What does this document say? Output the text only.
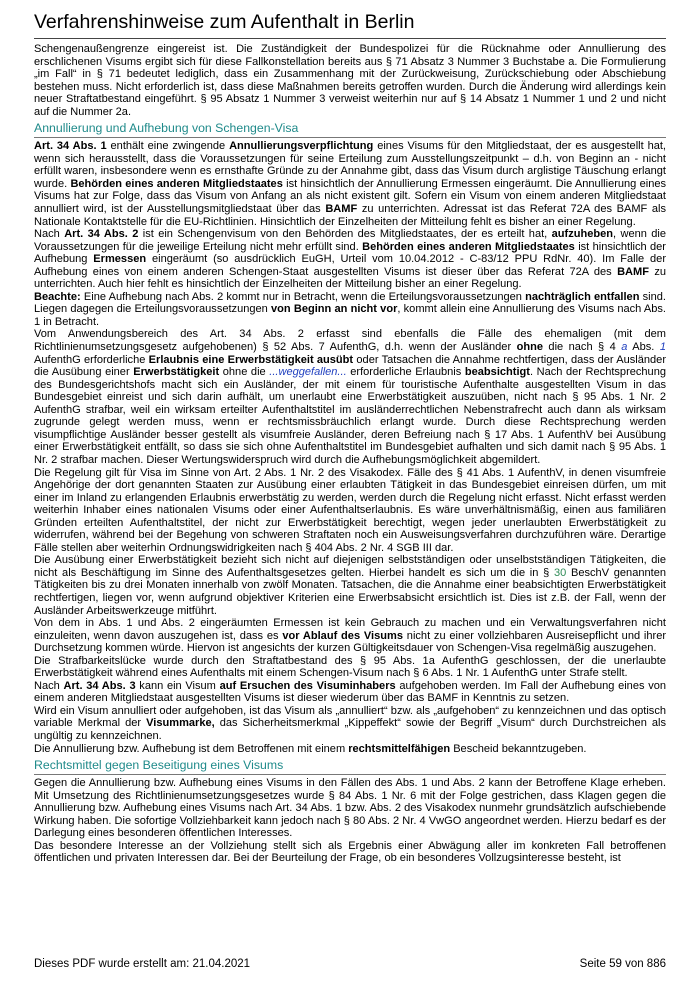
Verfahrenshinweise zum Aufenthalt in Berlin

Schengenaußengrenze eingereist ist. Die Zuständigkeit der Bundespolizei für die Rücknahme oder Annullierung des erschlichenen Visums ergibt sich für diese Fallkonstellation bereits aus § 71 Absatz 3 Nummer 3 Buchstabe a. Die Formulierung „im Fall“ in § 71 bedeutet lediglich, dass ein Zusammenhang mit der Zurückweisung, Zurückschiebung oder Abschiebung bestehen muss. Nicht erforderlich ist, dass diese Maßnahmen bereits getroffen wurden. Durch die Änderung wird allerdings kein neuer Straftatbestand eingeführt. § 95 Absatz 1 Nummer 3 verweist weiterhin nur auf § 14 Absatz 1 Nummer 1 und 2 und nicht auf die Nummer 2a.

Annullierung und Aufhebung von Schengen-Visa

Art. 34 Abs. 1 enthält eine zwingende Annullierungsverpflichtung eines Visums für den Mitgliedstaat, der es ausgestellt hat, wenn sich herausstellt, dass die Voraussetzungen für seine Erteilung zum Ausstellungszeitpunkt – d.h. von Beginn an - nicht erfüllt waren, insbesondere wenn es ernsthafte Gründe zu der Annahme gibt, dass das Visum durch arglistige Täuschung erlangt wurde. Behörden eines anderen Mitgliedstaates ist hinsichtlich der Annullierung Ermessen eingeräumt. Die Annullierung eines Visums hat zur Folge, dass das Visum von Anfang an als nicht existent gilt. Sofern ein Visum von einem anderen Mitgliedstaat annulliert wird, ist der Ausstellungsmitgliedstaat über das BAMF zu unterrichten. Adressat ist das Referat 72A des BAMF als Nationale Kontaktstelle für die EU-Richtlinien. Hinsichtlich der Einzelheiten der Mitteilung fehlt es bisher an einer Regelung.

Nach Art. 34 Abs. 2 ist ein Schengenvisum von den Behörden des Mitgliedstaates, der es erteilt hat, aufzuheben, wenn die Voraussetzungen für die jeweilige Erteilung nicht mehr erfüllt sind. Behörden eines anderen Mitgliedstaates ist hinsichtlich der Aufhebung Ermessen eingeräumt (so ausdrücklich EuGH, Urteil vom 10.04.2012 - C-83/12 PPU RdNr. 40). Im Falle der Aufhebung eines von einem anderen Schengen-Staat ausgestellten Visums ist dieser über das Referat 72A des BAMF zu unterrichten. Auch hier fehlt es hinsichtlich der Einzelheiten der Mitteilung bisher an einer Regelung.

Beachte: Eine Aufhebung nach Abs. 2 kommt nur in Betracht, wenn die Erteilungsvoraussetzungen nachträglich entfallen sind. Liegen dagegen die Erteilungsvoraussetzungen von Beginn an nicht vor, kommt allein eine Annullierung des Visums nach Abs. 1 in Betracht.

Vom Anwendungsbereich des Art. 34 Abs. 2 erfasst sind ebenfalls die Fälle des ehemaligen (mit dem Richtlinienumsetzungsgesetz aufgehobenen) § 52 Abs. 7 AufenthG, d.h. wenn der Ausländer ohne die nach § 4 a Abs. 1 AufenthG erforderliche Erlaubnis eine Erwerbstätigkeit ausübt oder Tatsachen die Annahme rechtfertigen, dass der Ausländer die Ausübung einer Erwerbstätigkeit ohne die ...weggefallen... erforderliche Erlaubnis beabsichtigt. Nach der Rechtsprechung des Bundesgerichtshofs macht sich ein Ausländer, der mit einem für touristische Aufenthalte ausgestellten Visum in das Bundesgebiet einreist und sich darin aufhält, um unerlaubt eine Erwerbstätigkeit auszuüben, nicht nach § 95 Abs. 1 Nr. 2 AufenthG strafbar, weil ein wirksam erteilter Aufenthaltstitel im ausländerrechtlichen Nebenstrafrecht auch dann als wirksam zugrunde gelegt werden muss, wenn er rechtsmissbräuchlich erlangt wurde. Durch diese Rechtsprechung werden visumpflichtige Ausländer besser gestellt als visumfreie Ausländer, deren Befreiung nach § 17 Abs. 1 AufenthV bei Ausübung einer Erwerbstätigkeit entfällt, so dass sie sich ohne Aufenthaltstitel im Bundesgebiet aufhalten und sich damit nach § 95 Abs. 1 Nr. 2 strafbar machen. Dieser Wertungswiderspruch wird durch die Aufhebungsmöglichkeit abgemildert.

Die Regelung gilt für Visa im Sinne von Art. 2 Abs. 1 Nr. 2 des Visakodex. Fälle des § 41 Abs. 1 AufenthV, in denen visumfreie Angehörige der dort genannten Staaten zur Ausübung einer erlaubten Tätigkeit in das Bundesgebiet einreisen dürfen, um mit einer im Inland zu erlangenden Erlaubnis erwerbstätig zu werden, werden durch die Regelung nicht erfasst. Nicht erfasst werden weiterhin Inhaber eines nationalen Visums oder einer Aufenthaltserlaubnis. Es wäre unverhältnismäßig, einen aus familiären Gründen erteilten Aufenthaltstitel, der nicht zur Erwerbstätigkeit berechtigt, wegen jeder unerlaubten Erwerbstätigkeit zu widerrufen, während bei der Begehung von schweren Straftaten noch ein Ausweisungsverfahren durchzuführen wäre. Derartige Fälle stellen aber weiterhin Ordnungswidrigkeiten nach § 404 Abs. 2 Nr. 4 SGB III dar.

Die Ausübung einer Erwerbstätigkeit bezieht sich nicht auf diejenigen selbstständigen oder unselbstständigen Tätigkeiten, die nicht als Beschäftigung im Sinne des Aufenthaltsgesetzes gelten. Hierbei handelt es sich um die in § 30 BeschV genannten Tätigkeiten bis zu drei Monaten innerhalb von zwölf Monaten. Tatsachen, die die Annahme einer beabsichtigten Erwerbstätigkeit rechtfertigen, liegen vor, wenn aufgrund objektiver Kriterien eine Erwerbsabsicht ersichtlich ist. Dies ist z.B. der Fall, wenn der Ausländer Arbeitswerkzeuge mitführt.

Von dem in Abs. 1 und Abs. 2 eingeräumten Ermessen ist kein Gebrauch zu machen und ein Verwaltungsverfahren nicht einzuleiten, wenn davon auszugehen ist, dass es vor Ablauf des Visums nicht zu einer vollziehbaren Ausreisepflicht und ihrer Durchsetzung kommen würde. Hiervon ist angesichts der kurzen Gültigkeitsdauer von Schengen-Visa regelmäßig auszugehen.

Die Strafbarkeitslücke wurde durch den Straftatbestand des § 95 Abs. 1a AufenthG geschlossen, der die unerlaubte Erwerbstätigkeit während eines Aufenthalts mit einem Schengen-Visum nach § 6 Abs. 1 Nr. 1 AufenthG unter Strafe stellt.

Nach Art. 34 Abs. 3 kann ein Visum auf Ersuchen des Visuminhabers aufgehoben werden. Im Fall der Aufhebung eines von einem anderen Mitgliedstaat ausgestellten Visums ist dieser wiederum über das BAMF in Kenntnis zu setzen.

Wird ein Visum annulliert oder aufgehoben, ist das Visum als „annulliert“ bzw. als „aufgehoben“ zu kennzeichnen und das optisch variable Merkmal der Visummarke, das Sicherheitsmerkmal „Kippeffekt“ sowie der Begriff „Visum“ durch Durchstreichen als ungültig zu kennzeichnen.

Die Annullierung bzw. Aufhebung ist dem Betroffenen mit einem rechtsmittelfähigen Bescheid bekanntzugeben.

Rechtsmittel gegen Beseitigung eines Visums

Gegen die Annullierung bzw. Aufhebung eines Visums in den Fällen des Abs. 1 und Abs. 2 kann der Betroffene Klage erheben. Mit Umsetzung des Richtlinienumsetzungsgesetzes wurde § 84 Abs. 1 Nr. 6 mit der Folge gestrichen, dass Klagen gegen die Annullierung bzw. Aufhebung eines Visums nach Art. 34 Abs. 1 bzw. Abs. 2 des Visakodex nunmehr grundsätzlich aufschiebende Wirkung haben. Die sofortige Vollziehbarkeit kann jedoch nach § 80 Abs. 2 Nr. 4 VwGO angeordnet werden. Hierzu bedarf es der Darlegung eines besonderen öffentlichen Interesses.

Das besondere Interesse an der Vollziehung stellt sich als Ergebnis einer Abwägung aller im konkreten Fall betroffenen öffentlichen und privaten Interessen dar. Bei der Beurteilung der Frage, ob ein besonderes Vollzugsinteresse besteht, ist

Dieses PDF wurde erstellt am: 21.04.2021	Seite 59 von 886
